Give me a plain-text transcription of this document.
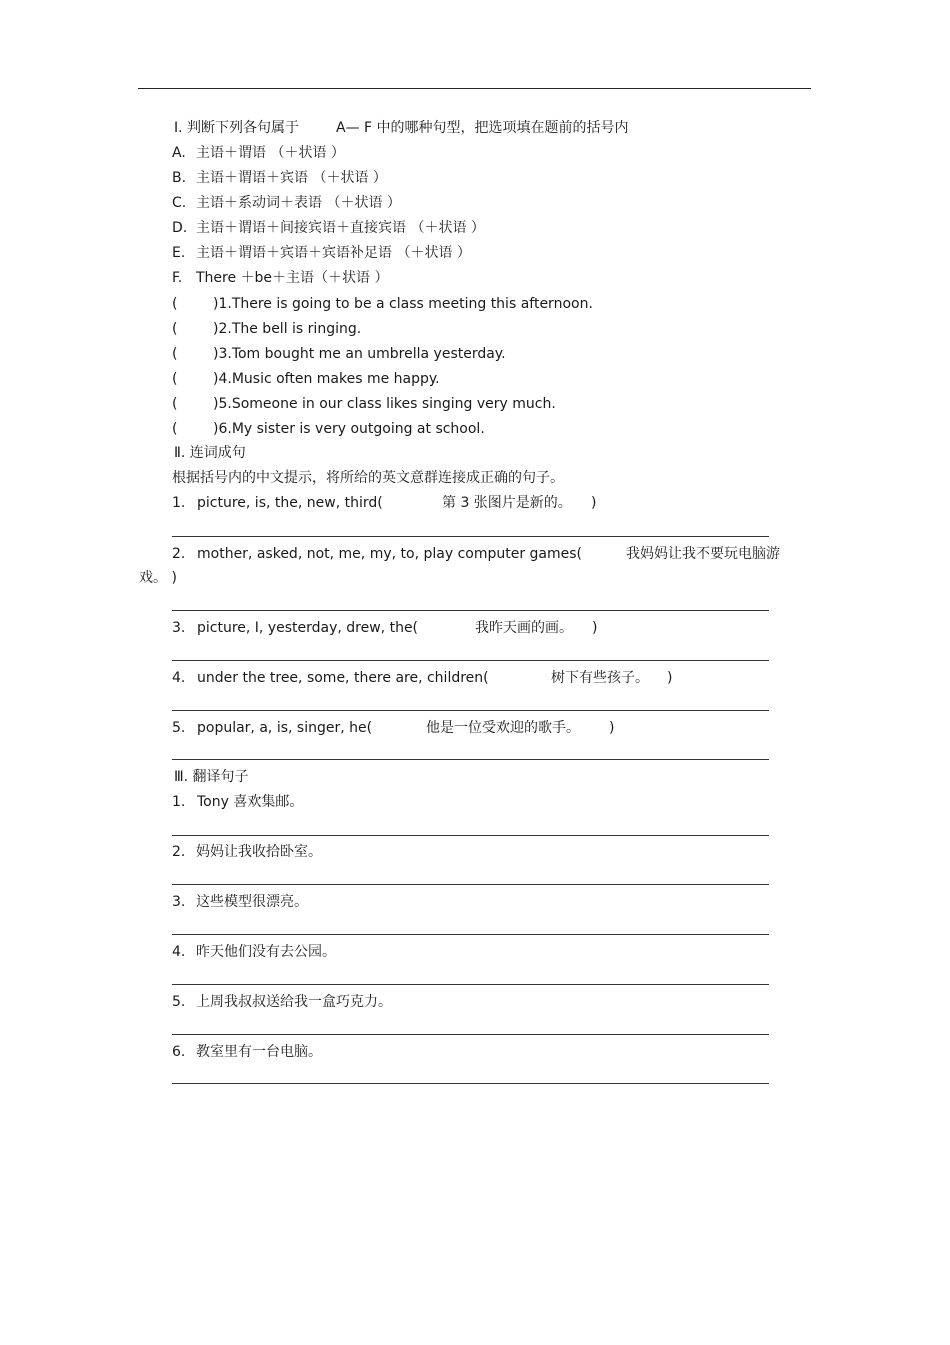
Ⅰ. 判断下列各句属于	A— F 中的哪种句型，把选项填在题前的括号内
A. 主语＋谓语 （＋状语 ）
B. 主语＋谓语＋宾语 （＋状语 ）
C. 主语＋系动词＋表语 （＋状语 ）
D. 主语＋谓语＋间接宾语＋直接宾语 （＋状语 ）
E. 主语＋谓语＋宾语＋宾语补足语 （＋状语 ）
F. There ＋be＋主语（＋状语 ）
(	)1.There is going to be a class meeting this afternoon.
(	)2.The bell is ringing.
(	)3.Tom bought me an umbrella yesterday.
(	)4.Music often makes me happy.
(	)5.Someone in our class likes singing very much.
(	)6.My sister is very outgoing at school.
Ⅱ. 连词成句
根据括号内的中文提示，将所给的英文意群连接成正确的句子。
1. picture, is, the, new, third(	第 3 张图片是新的。 )
2. mother, asked, not, me, my, to, play computer games(	我妈妈让我不要玩电脑游
戏。 )
3. picture, I, yesterday, drew, the(	我昨天画的画。 )
4. under the tree, some, there are, children(	树下有些孩子。 )
5. popular, a, is, singer, he(	他是一位受欢迎的歌手。 )
Ⅲ. 翻译句子
1. Tony 喜欢集邮。
2. 妈妈让我收拾卧室。
3. 这些模型很漂亮。
4. 昨天他们没有去公园。
5. 上周我叔叔送给我一盒巧克力。
6. 教室里有一台电脑。
